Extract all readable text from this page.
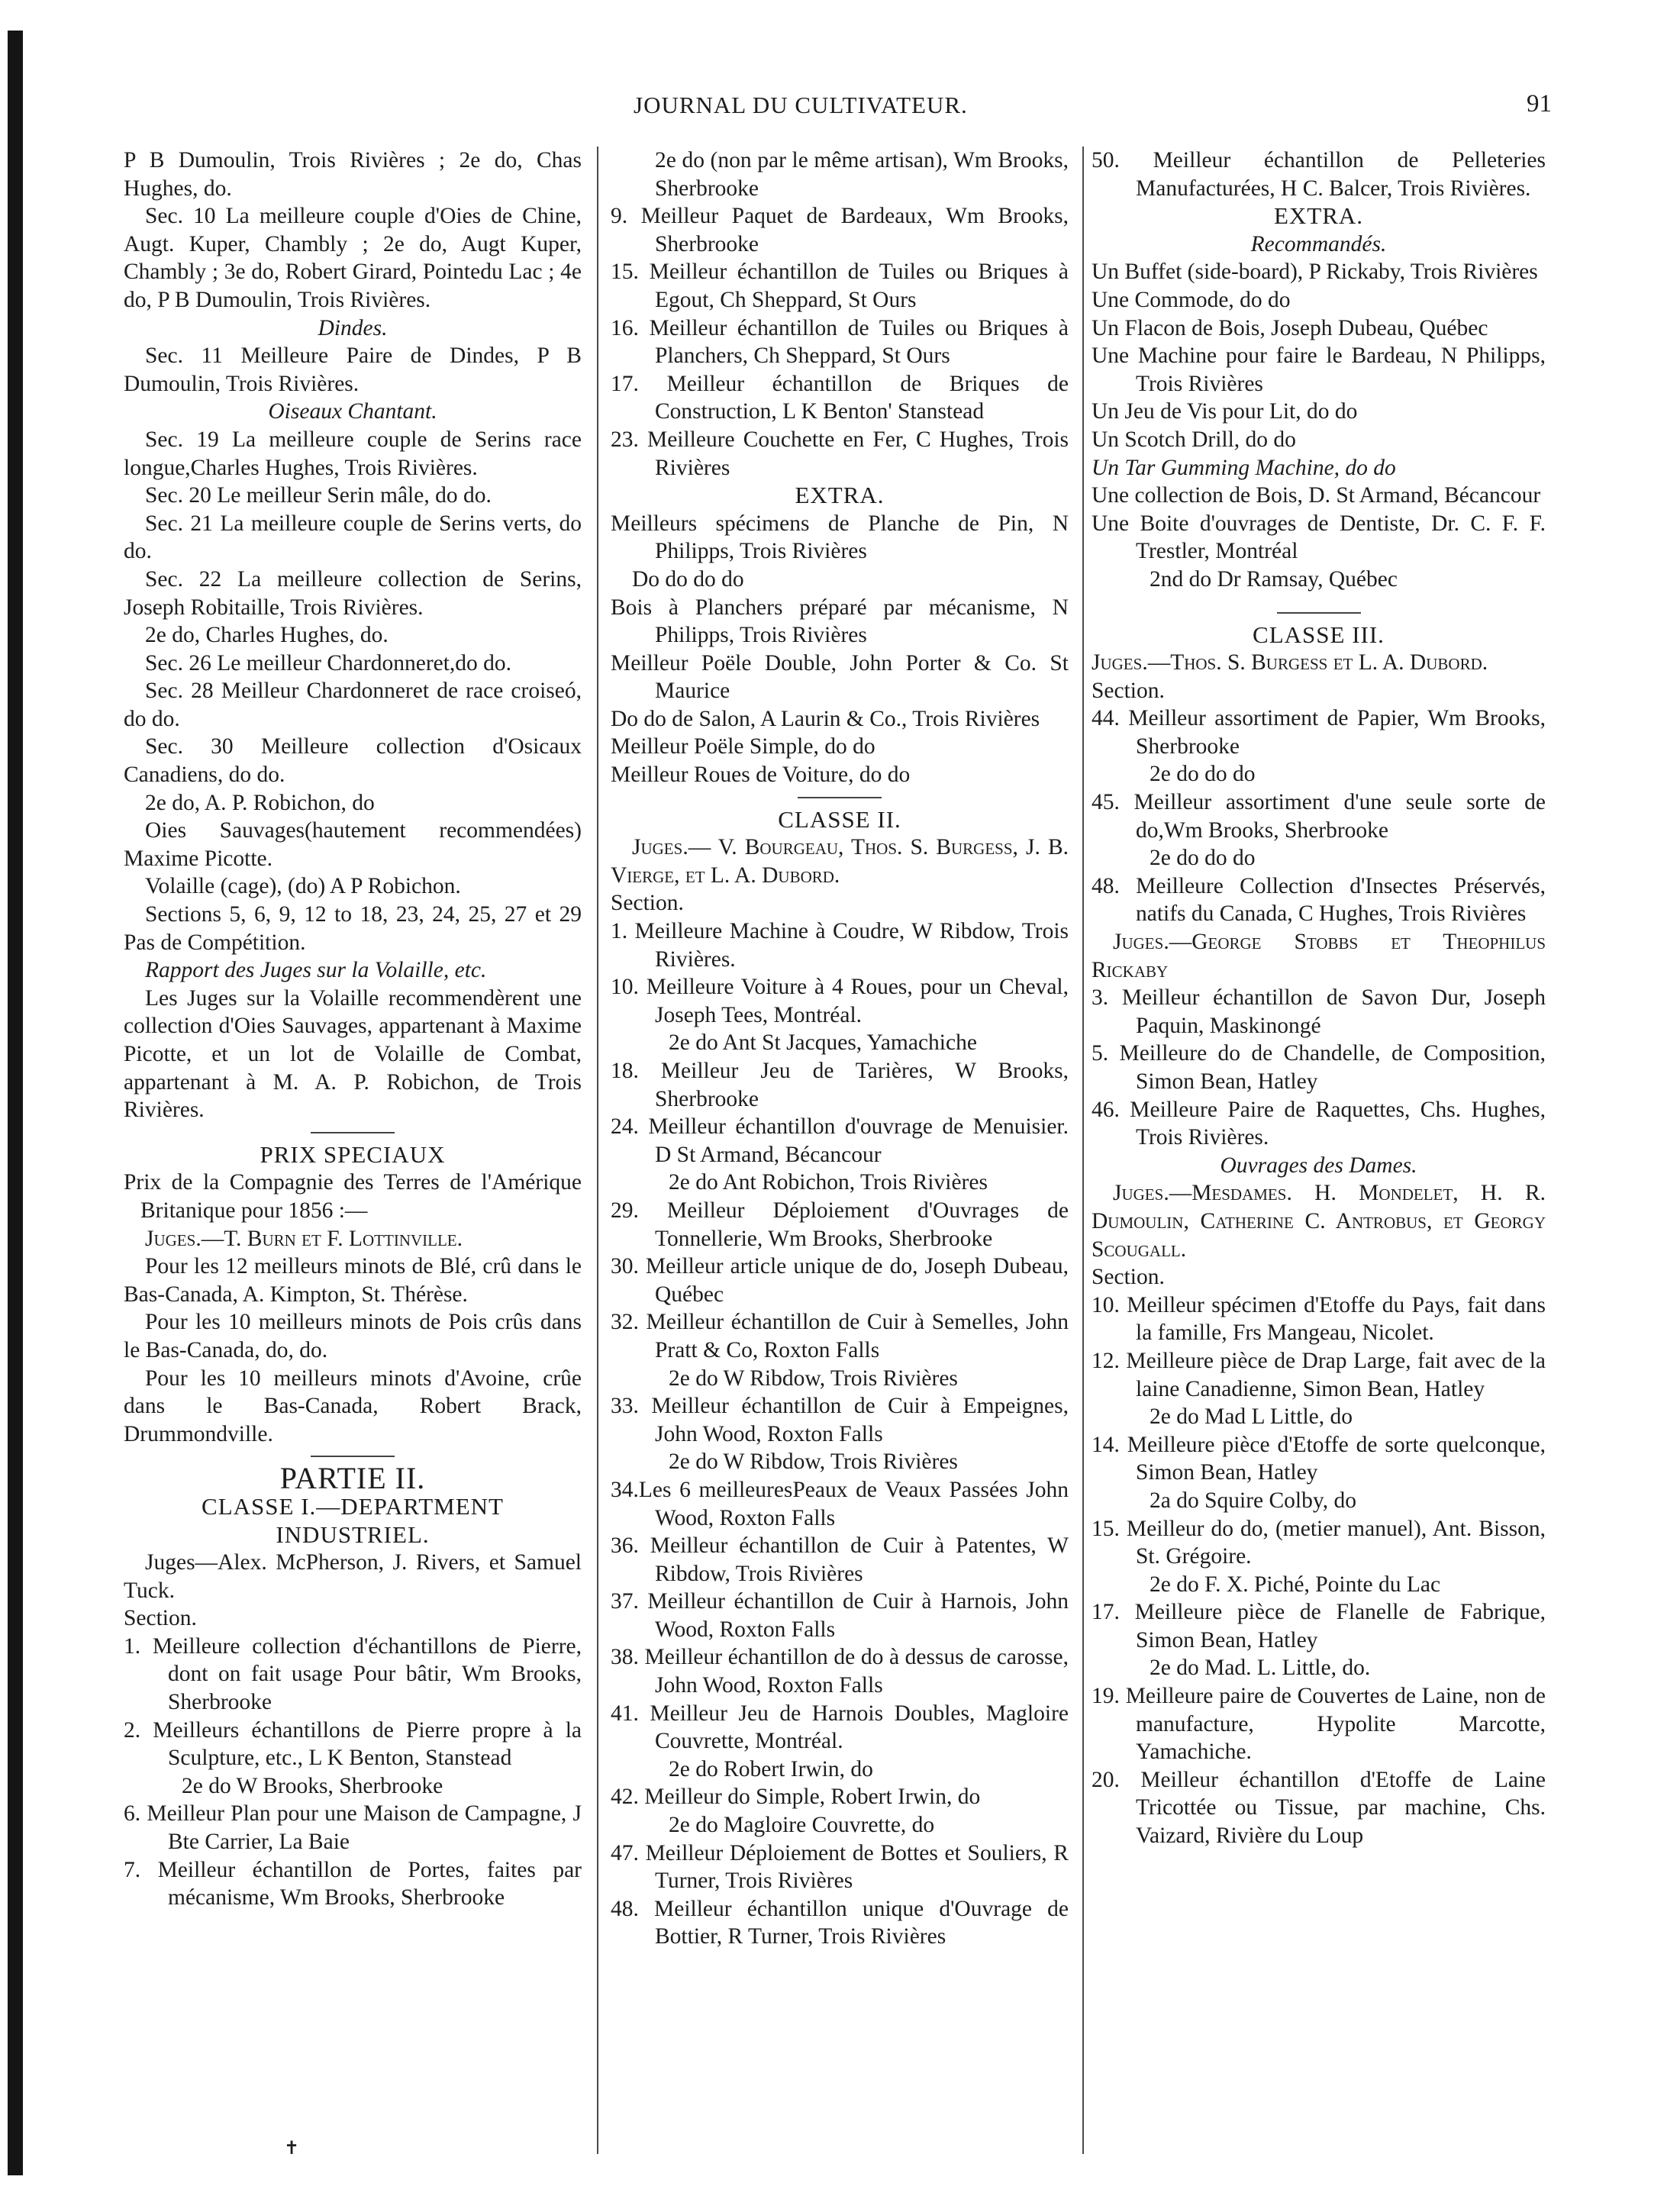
JOURNAL DU CULTIVATEUR.	91

P B Dumoulin, Trois Rivières ; 2e do, Chas Hughes, do.

Sec. 10 La meilleure couple d'Oies de Chine, Augt. Kuper, Chambly ; 2e do, Augt Kuper, Chambly ; 3e do, Robert Girard, Pointedu Lac ; 4e do, P B Dumoulin, Trois Rivières.

Dindes.

Sec. 11 Meilleure Paire de Dindes, P B Dumoulin, Trois Rivières.

Oiseaux Chantant.

Sec. 19 La meilleure couple de Serins race longue,Charles Hughes, Trois Rivières.

Sec. 20 Le meilleur Serin mâle, do do.

Sec. 21 La meilleure couple de Serins verts, do do.

Sec. 22 La meilleure collection de Serins, Joseph Robitaille, Trois Rivières.

2e do, Charles Hughes, do.

Sec. 26 Le meilleur Chardonneret,do do.

Sec. 28 Meilleur Chardonneret de race croiseó, do do.

Sec. 30 Meilleure collection d'Osicaux Canadiens, do do.

2e do, A. P. Robichon, do

Oies Sauvages(hautement recommendées) Maxime Picotte.

Volaille (cage), (do) A P Robichon.

Sections 5, 6, 9, 12 to 18, 23, 24, 25, 27 et 29 Pas de Compétition.

Rapport des Juges sur la Volaille, etc.

Les Juges sur la Volaille recommendèrent une collection d'Oies Sauvages, appartenant à Maxime Picotte, et un lot de Volaille de Combat, appartenant à M. A. P. Robichon, de Trois Rivières.

PRIX SPECIAUX

Prix de la Compagnie des Terres de l'Amérique Britanique pour 1856 :—

Juges.—T. Burn et F. Lottinville.

Pour les 12 meilleurs minots de Blé, crû dans le Bas-Canada, A. Kimpton, St. Thérèse.

Pour les 10 meilleurs minots de Pois crûs dans le Bas-Canada, do, do.

Pour les 10 meilleurs minots d'Avoine, crûe dans le Bas-Canada, Robert Brack, Drummondville.

PARTIE II.

CLASSE I.—DEPARTMENT INDUSTRIEL.

Juges—Alex. McPherson, J. Rivers, et Samuel Tuck.

Section.

1. Meilleure collection d'échantillons de Pierre, dont on fait usage Pour bâtir, Wm Brooks, Sherbrooke

2. Meilleurs échantillons de Pierre propre à la Sculpture, etc., L K Benton, Stanstead

2e do W Brooks, Sherbrooke

6. Meilleur Plan pour une Maison de Campagne, J Bte Carrier, La Baie

7. Meilleur échantillon de Portes, faites par mécanisme, Wm Brooks, Sherbrooke

2e do (non par le même artisan), Wm Brooks, Sherbrooke

9. Meilleur Paquet de Bardeaux, Wm Brooks, Sherbrooke

15. Meilleur échantillon de Tuiles ou Briques à Egout, Ch Sheppard, St Ours

16. Meilleur échantillon de Tuiles ou Briques à Planchers, Ch Sheppard, St Ours

17. Meilleur échantillon de Briques de Construction, L K Benton' Stanstead

23. Meilleure Couchette en Fer, C Hughes, Trois Rivières

EXTRA.

Meilleurs spécimens de Planche de Pin, N Philipps, Trois Rivières

Do do do do

Bois à Planchers préparé par mécanisme, N Philipps, Trois Rivières

Meilleur Poële Double, John Porter & Co. St Maurice

Do do de Salon, A Laurin & Co., Trois Rivières

Meilleur Poële Simple, do do

Meilleur Roues de Voiture, do do

CLASSE II.

Juges.— V. Bourgeau, Thos. S. Burgess, J. B. Vierge, et L. A. Dubord.

Section.

1. Meilleure Machine à Coudre, W Ribdow, Trois Rivières.

10. Meilleure Voiture à 4 Roues, pour un Cheval, Joseph Tees, Montréal.

2e do Ant St Jacques, Yamachiche

18. Meilleur Jeu de Tarières, W Brooks, Sherbrooke

24. Meilleur échantillon d'ouvrage de Menuisier. D St Armand, Bécancour

2e do Ant Robichon, Trois Rivières

29. Meilleur Déploiement d'Ouvrages de Tonnellerie, Wm Brooks, Sherbrooke

30. Meilleur article unique de do, Joseph Dubeau, Québec

32. Meilleur échantillon de Cuir à Semelles, John Pratt & Co, Roxton Falls

2e do W Ribdow, Trois Rivières

33. Meilleur échantillon de Cuir à Empeignes, John Wood, Roxton Falls

2e do W Ribdow, Trois Rivières

34.Les 6 meilleuresPeaux de Veaux Passées John Wood, Roxton Falls

36. Meilleur échantillon de Cuir à Patentes, W Ribdow, Trois Rivières

37. Meilleur échantillon de Cuir à Harnois, John Wood, Roxton Falls

38. Meilleur échantillon de do à dessus de carosse, John Wood, Roxton Falls

41. Meilleur Jeu de Harnois Doubles, Magloire Couvrette, Montréal.

2e do Robert Irwin, do

42. Meilleur do Simple, Robert Irwin, do

2e do Magloire Couvrette, do

47. Meilleur Déploiement de Bottes et Souliers, R Turner, Trois Rivières

48. Meilleur échantillon unique d'Ouvrage de Bottier, R Turner, Trois Rivières

50. Meilleur échantillon de Pelleteries Manufacturées, H C. Balcer, Trois Rivières.

EXTRA.

Recommandés.

Un Buffet (side-board), P Rickaby, Trois Rivières

Une Commode, do do

Un Flacon de Bois, Joseph Dubeau, Québec

Une Machine pour faire le Bardeau, N Philipps, Trois Rivières

Un Jeu de Vis pour Lit, do do

Un Scotch Drill, do do

Un Tar Gumming Machine, do do

Une collection de Bois, D. St Armand, Bécancour

Une Boite d'ouvrages de Dentiste, Dr. C. F. F. Trestler, Montréal

2nd do Dr Ramsay, Québec

CLASSE III.

Juges.—Thos. S. Burgess et L. A. Dubord.

Section.

44. Meilleur assortiment de Papier, Wm Brooks, Sherbrooke

2e do do do

45. Meilleur assortiment d'une seule sorte de do,Wm Brooks, Sherbrooke

2e do do do

48. Meilleure Collection d'Insectes Préservés, natifs du Canada, C Hughes, Trois Rivières

Juges.—George Stobbs et Theophilus Rickaby

3. Meilleur échantillon de Savon Dur, Joseph Paquin, Maskinongé

5. Meilleure do de Chandelle, de Composition, Simon Bean, Hatley

46. Meilleure Paire de Raquettes, Chs. Hughes, Trois Rivières.

Ouvrages des Dames.

Juges.—Mesdames. H. Mondelet, H. R. Dumoulin, Catherine C. Antrobus, et Georgy Scougall.

Section.

10. Meilleur spécimen d'Etoffe du Pays, fait dans la famille, Frs Mangeau, Nicolet.

12. Meilleure pièce de Drap Large, fait avec de la laine Canadienne, Simon Bean, Hatley

2e do Mad L Little, do

14. Meilleure pièce d'Etoffe de sorte quelconque, Simon Bean, Hatley

2a do Squire Colby, do

15. Meilleur do do, (metier manuel), Ant. Bisson, St. Grégoire.

2e do F. X. Piché, Pointe du Lac

17. Meilleure pièce de Flanelle de Fabrique, Simon Bean, Hatley

2e do Mad. L. Little, do.

19. Meilleure paire de Couvertes de Laine, non de manufacture, Hypolite Marcotte, Yamachiche.

20. Meilleur échantillon d'Etoffe de Laine Tricottée ou Tissue, par machine, Chs. Vaizard, Rivière du Loup

✝
